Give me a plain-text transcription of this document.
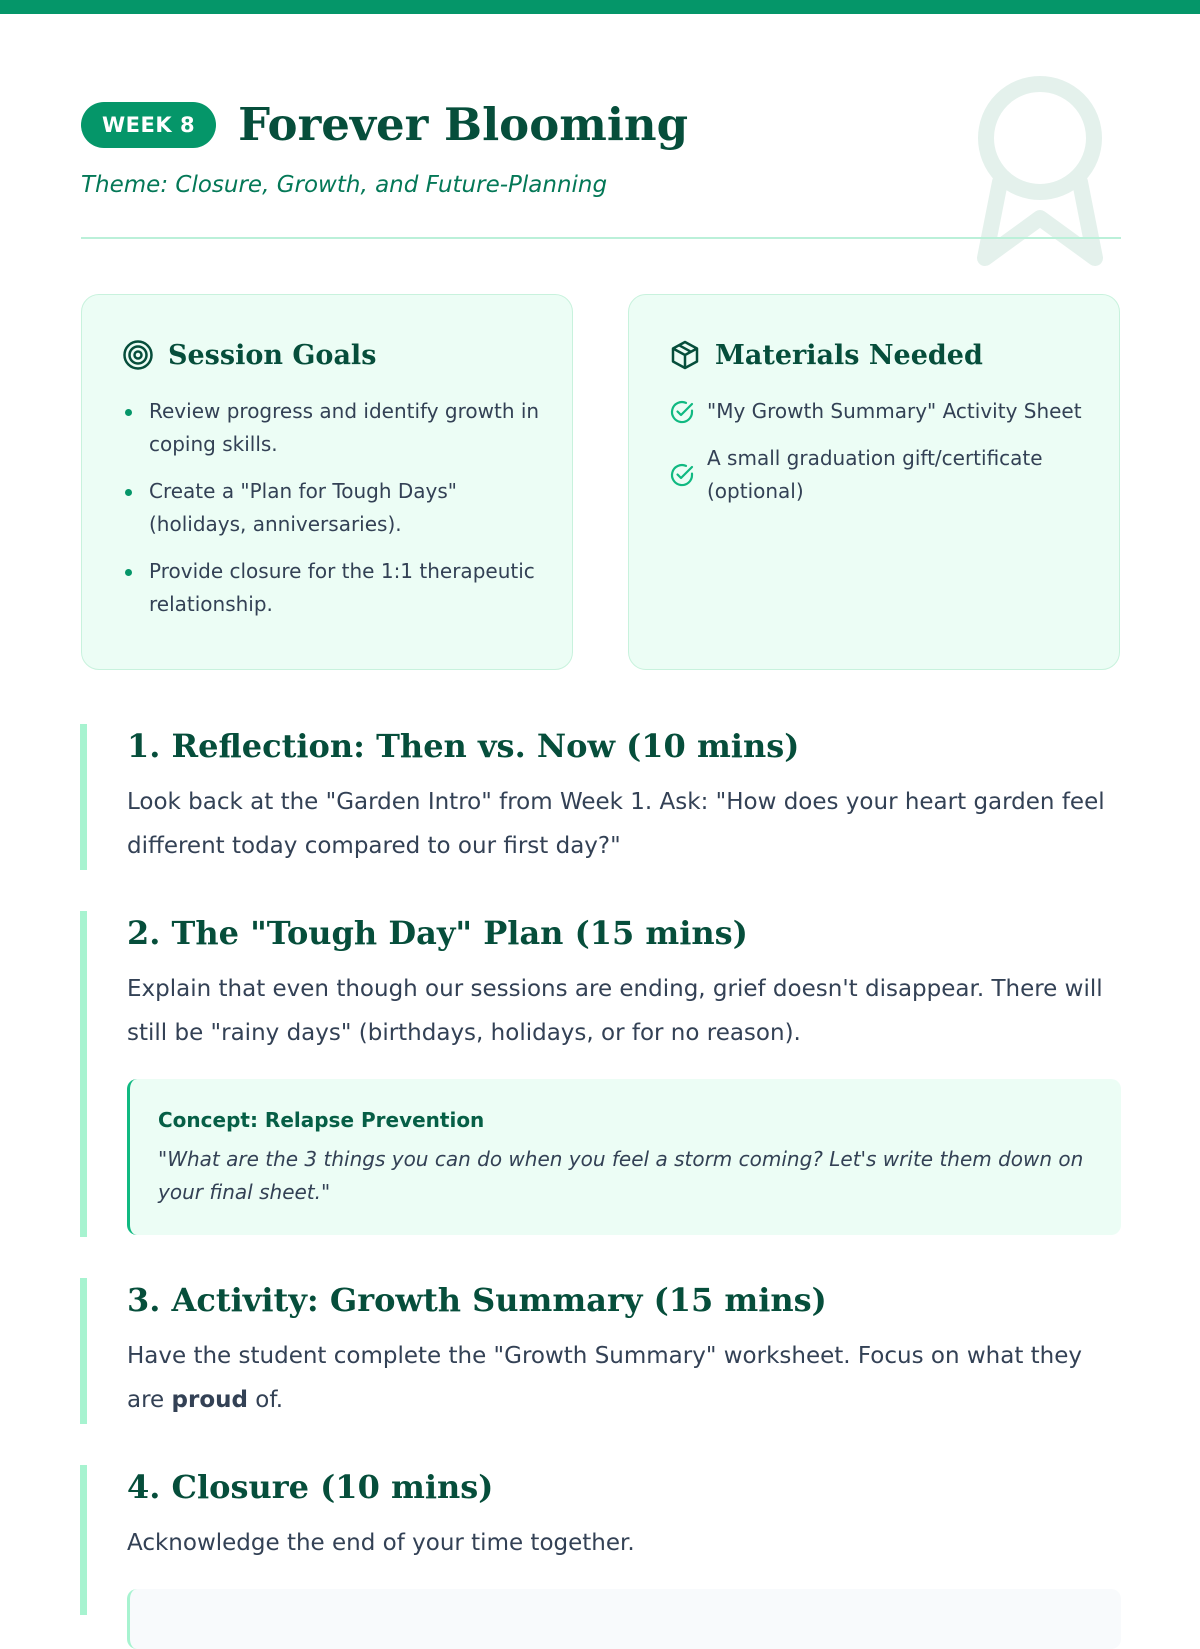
WEEK 8 Forever Blooming
Theme: Closure, Growth, and Future-Planning
Session Goals
Review progress and identify growth in coping skills.
Create a "Plan for Tough Days" (holidays, anniversaries).
Provide closure for the 1:1 therapeutic relationship.
Materials Needed
"My Growth Summary" Activity Sheet
A small graduation gift/certificate (optional)
1. Reflection: Then vs. Now (10 mins)

Look back at the "Garden Intro" from Week 1. Ask: "How does your heart garden feel different today compared to our first day?"

2. The "Tough Day" Plan (15 mins)

Explain that even though our sessions are ending, grief doesn't disappear. There will still be "rainy days" (birthdays, holidays, or for no reason).

Concept: Relapse Prevention
"What are the 3 things you can do when you feel a storm coming? Let's write them down on your final sheet."
3. Activity: Growth Summary (15 mins)

Have the student complete the "Growth Summary" worksheet. Focus on what they are proud of.

4. Closure (10 mins)

Acknowledge the end of your time together.
